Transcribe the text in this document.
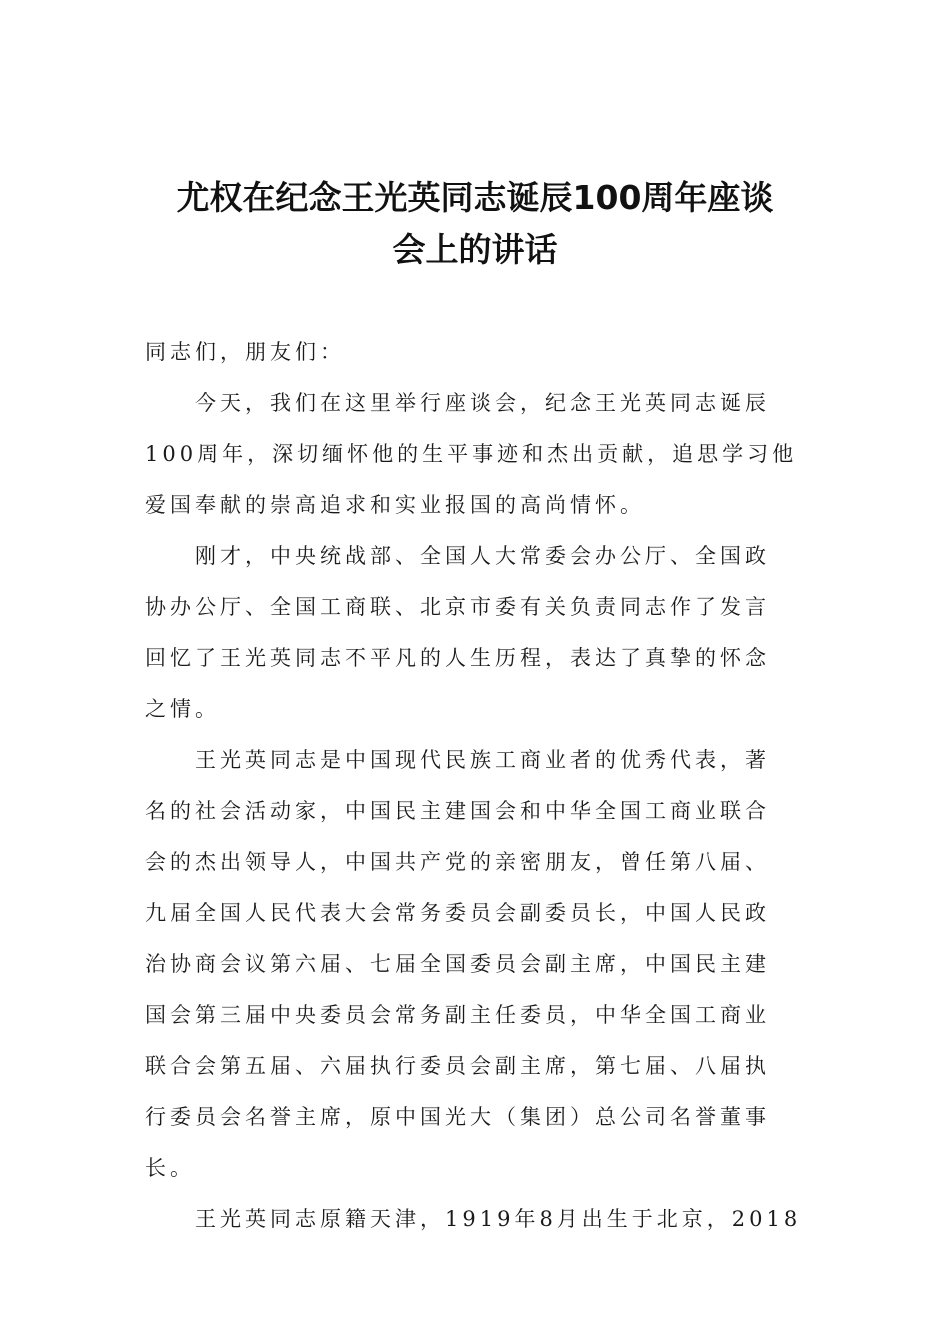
尤权在纪念王光英同志诞辰100周年座谈
会上的讲话
同志们，朋友们：
今天，我们在这里举行座谈会，纪念王光英同志诞辰
100周年，深切缅怀他的生平事迹和杰出贡献，追思学习他
爱国奉献的崇高追求和实业报国的高尚情怀。
刚才，中央统战部、全国人大常委会办公厅、全国政
协办公厅、全国工商联、北京市委有关负责同志作了发言
回忆了王光英同志不平凡的人生历程，表达了真挚的怀念
之情。
王光英同志是中国现代民族工商业者的优秀代表，著
名的社会活动家，中国民主建国会和中华全国工商业联合
会的杰出领导人，中国共产党的亲密朋友，曾任第八届、
九届全国人民代表大会常务委员会副委员长，中国人民政
治协商会议第六届、七届全国委员会副主席，中国民主建
国会第三届中央委员会常务副主任委员，中华全国工商业
联合会第五届、六届执行委员会副主席，第七届、八届执
行委员会名誉主席，原中国光大（集团）总公司名誉董事
长。
王光英同志原籍天津，1919年8月出生于北京，2018
